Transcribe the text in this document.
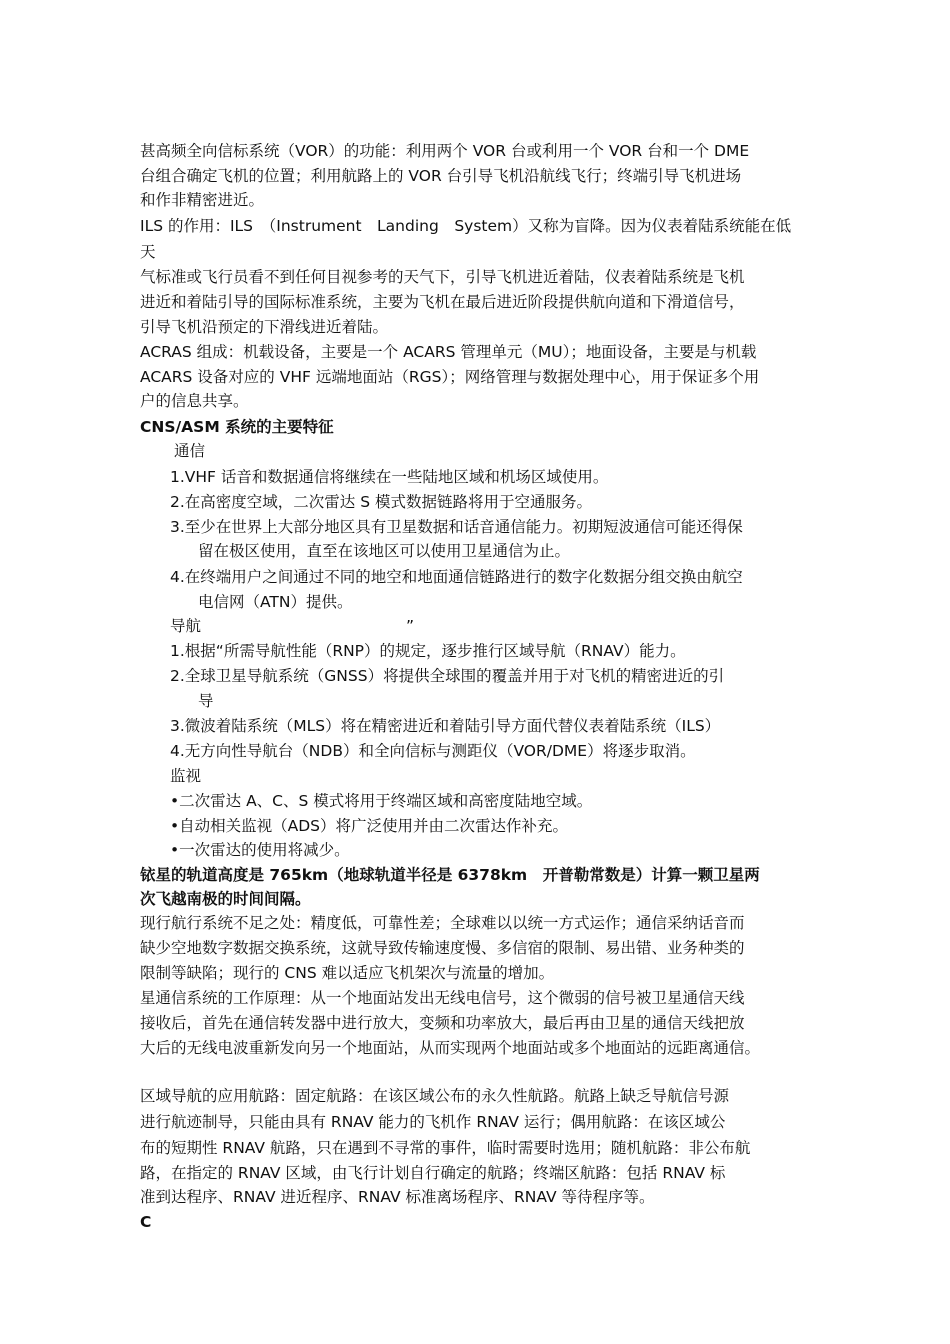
甚高频全向信标系统（VOR）的功能：利用两个 VOR 台或利用一个 VOR 台和一个 DME
台组合确定飞机的位置；利用航路上的 VOR 台引导飞机沿航线飞行；终端引导飞机进场
和作非精密进近。
ILS 的作用：ILS　（Instrument　Landing　System）又称为盲降。因为仪表着陆系统能在低
天
气标准或飞行员看不到任何目视参考的天气下，引导飞机进近着陆，仪表着陆系统是飞机
进近和着陆引导的国际标准系统，主要为飞机在最后进近阶段提供航向道和下滑道信号，
引导飞机沿预定的下滑线进近着陆。
ACRAS 组成：机载设备，主要是一个 ACARS 管理单元（MU）；地面设备，主要是与机载
ACARS 设备对应的 VHF 远端地面站（RGS）；网络管理与数据处理中心，用于保证多个用
户的信息共享。
CNS/ASM 系统的主要特征
通信
1.VHF 话音和数据通信将继续在一些陆地区域和机场区域使用。
2.在高密度空域，二次雷达 S 模式数据链路将用于空通服务。
3.至少在世界上大部分地区具有卫星数据和话音通信能力。初期短波通信可能还得保
留在极区使用，直至在该地区可以使用卫星通信为止。
4.在终端用户之间通过不同的地空和地面通信链路进行的数字化数据分组交换由航空
电信网（ATN）提供。
导航	”
1.根据“所需导航性能（RNP）的规定，逐步推行区域导航（RNAV）能力。
2.全球卫星导航系统（GNSS）将提供全球围的覆盖并用于对飞机的精密进近的引
导
3.微波着陆系统（MLS）将在精密进近和着陆引导方面代替仪表着陆系统（ILS）
4.无方向性导航台（NDB）和全向信标与测距仪（VOR/DME）将逐步取消。
监视
•二次雷达 A、C、S 模式将用于终端区域和高密度陆地空域。
•自动相关监视（ADS）将广泛使用并由二次雷达作补充。
•一次雷达的使用将减少。
铱星的轨道高度是 765km（地球轨道半径是 6378km　开普勒常数是）计算一颗卫星两
次飞越南极的时间间隔。
现行航行系统不足之处：精度低，可靠性差；全球难以以统一方式运作；通信采纳话音而
缺少空地数字数据交换系统，这就导致传输速度慢、多信宿的限制、易出错、业务种类的
限制等缺陷；现行的 CNS 难以适应飞机架次与流量的增加。
星通信系统的工作原理：从一个地面站发出无线电信号，这个微弱的信号被卫星通信天线
接收后，首先在通信转发器中进行放大，变频和功率放大，最后再由卫星的通信天线把放
大后的无线电波重新发向另一个地面站，从而实现两个地面站或多个地面站的远距离通信。
区域导航的应用航路：固定航路：在该区域公布的永久性航路。航路上缺乏导航信号源
进行航迹制导，只能由具有 RNAV 能力的飞机作 RNAV 运行；偶用航路：在该区域公
布的短期性 RNAV 航路，只在遇到不寻常的事件，临时需要时选用；随机航路：非公布航
路，在指定的 RNAV 区域，由飞行计划自行确定的航路；终端区航路：包括 RNAV 标
准到达程序、RNAV 进近程序、RNAV 标准离场程序、RNAV 等待程序等。
C
